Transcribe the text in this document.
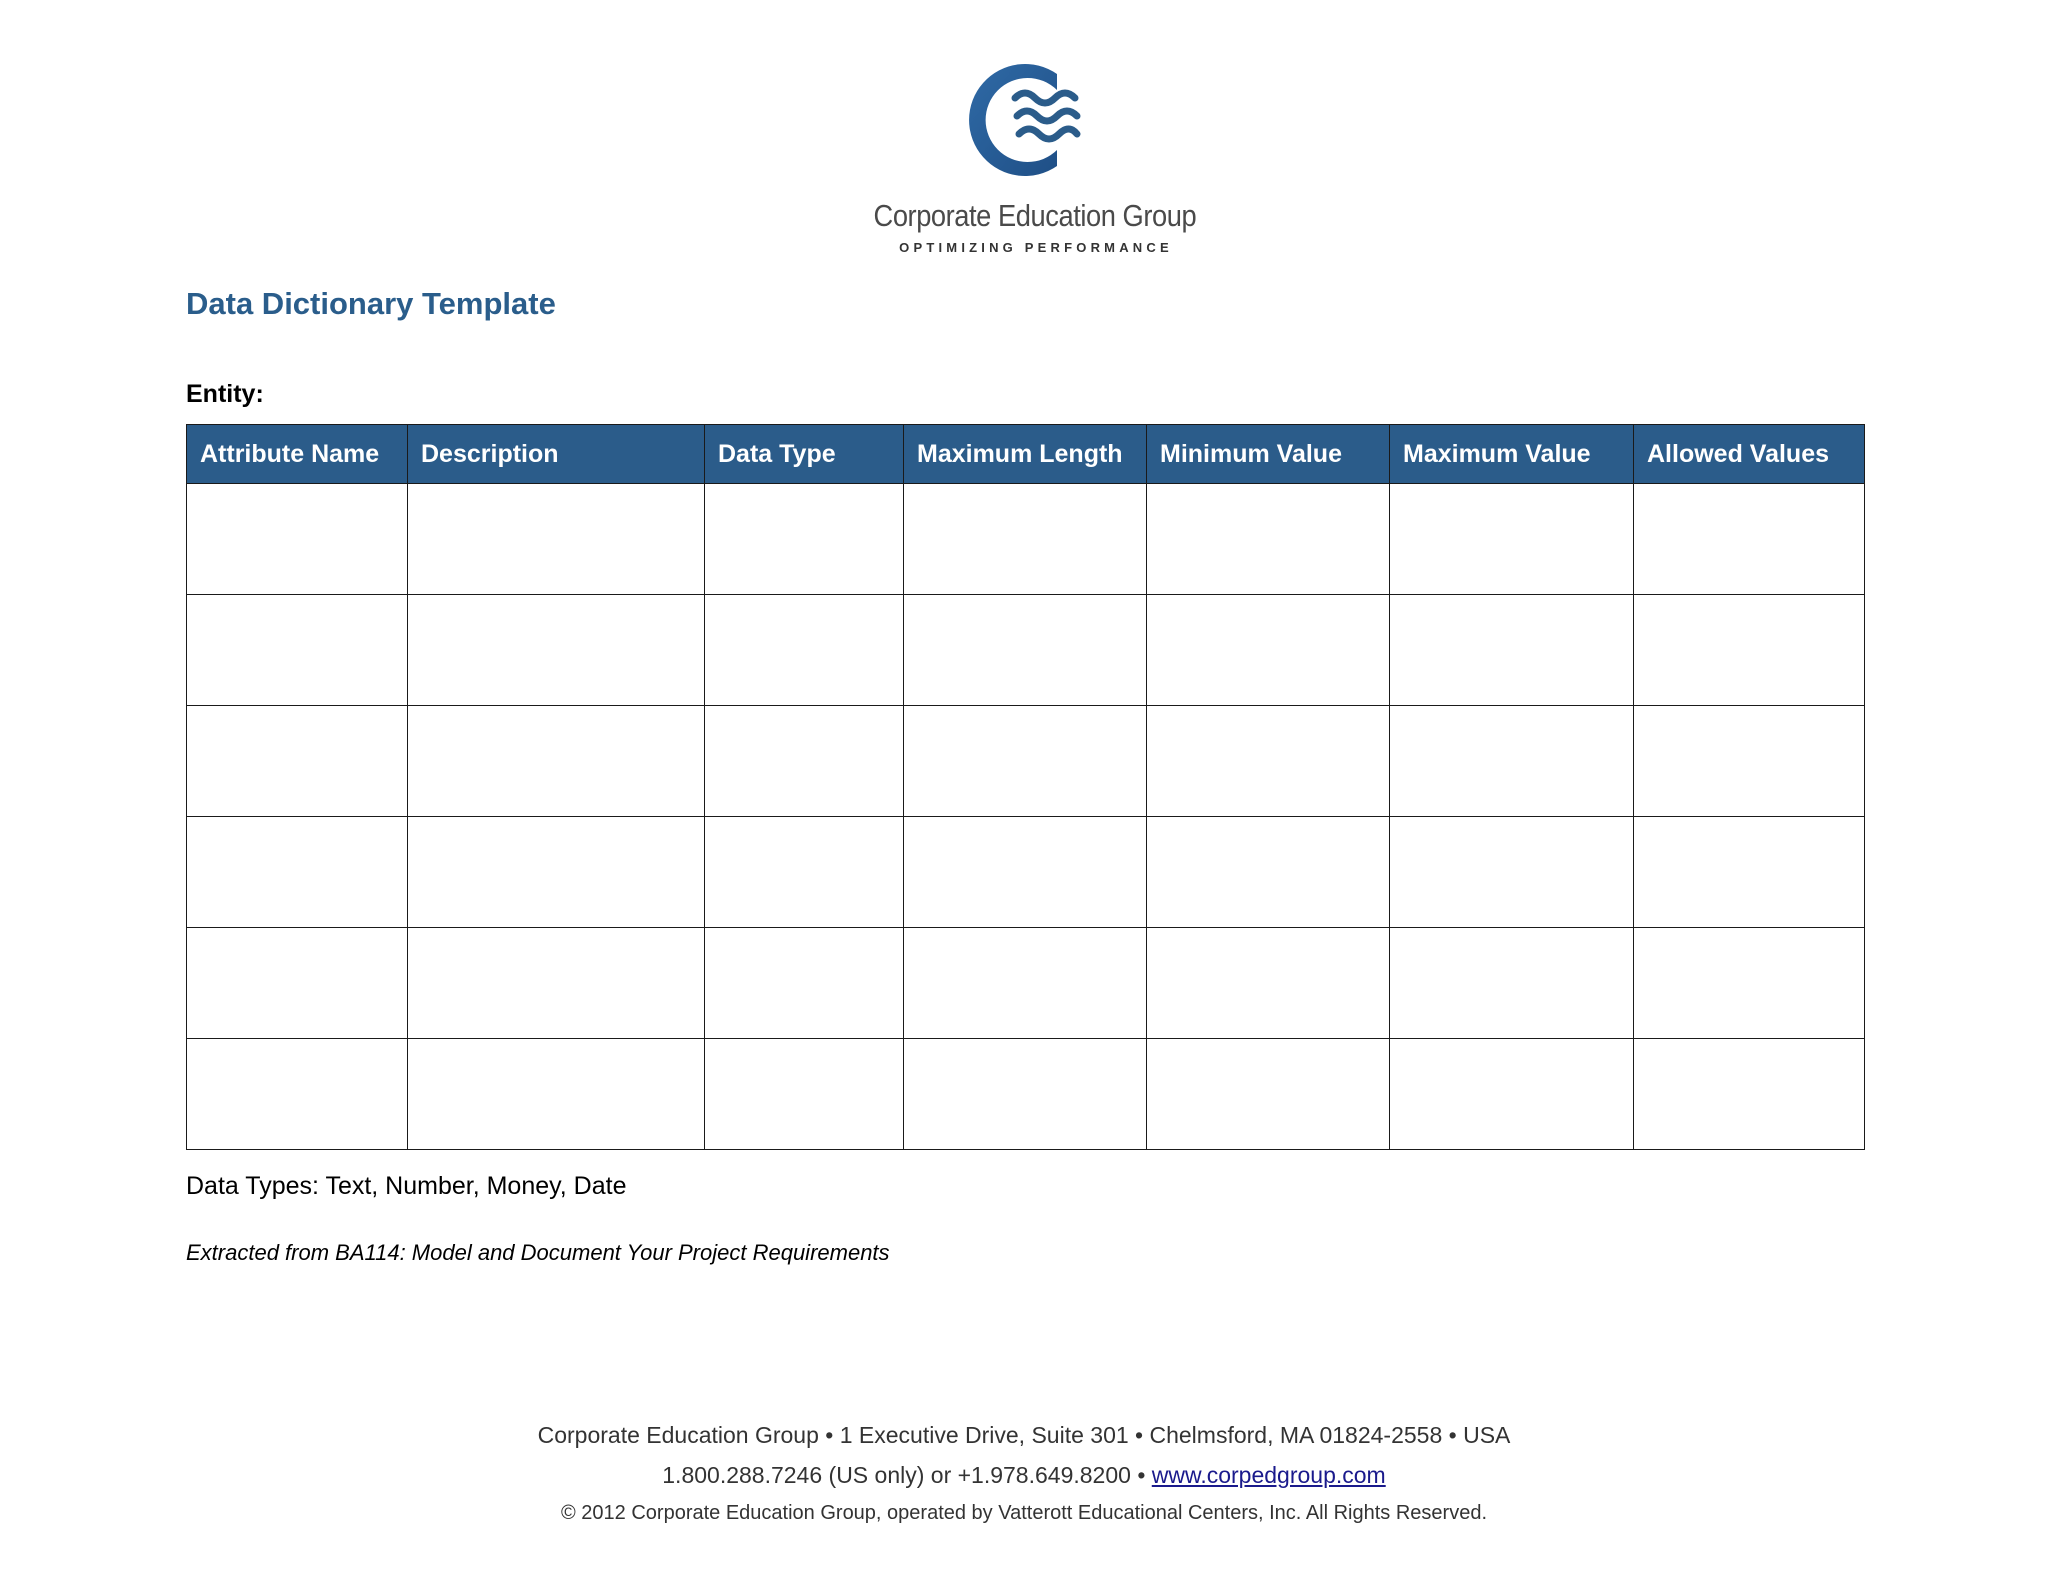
Corporate Education Group
OPTIMIZING PERFORMANCE
Data Dictionary Template

Entity:

Attribute Name	Description	Data Type	Maximum Length	Minimum Value	Maximum Value	Allowed Values

Data Types: Text, Number, Money, Date

Extracted from BA114: Model and Document Your Project Requirements

Corporate Education Group • 1 Executive Drive, Suite 301 • Chelmsford, MA 01824-2558 • USA

1.800.288.7246 (US only) or +1.978.649.8200 • www.corpedgroup.com

© 2012 Corporate Education Group, operated by Vatterott Educational Centers, Inc. All Rights Reserved.
